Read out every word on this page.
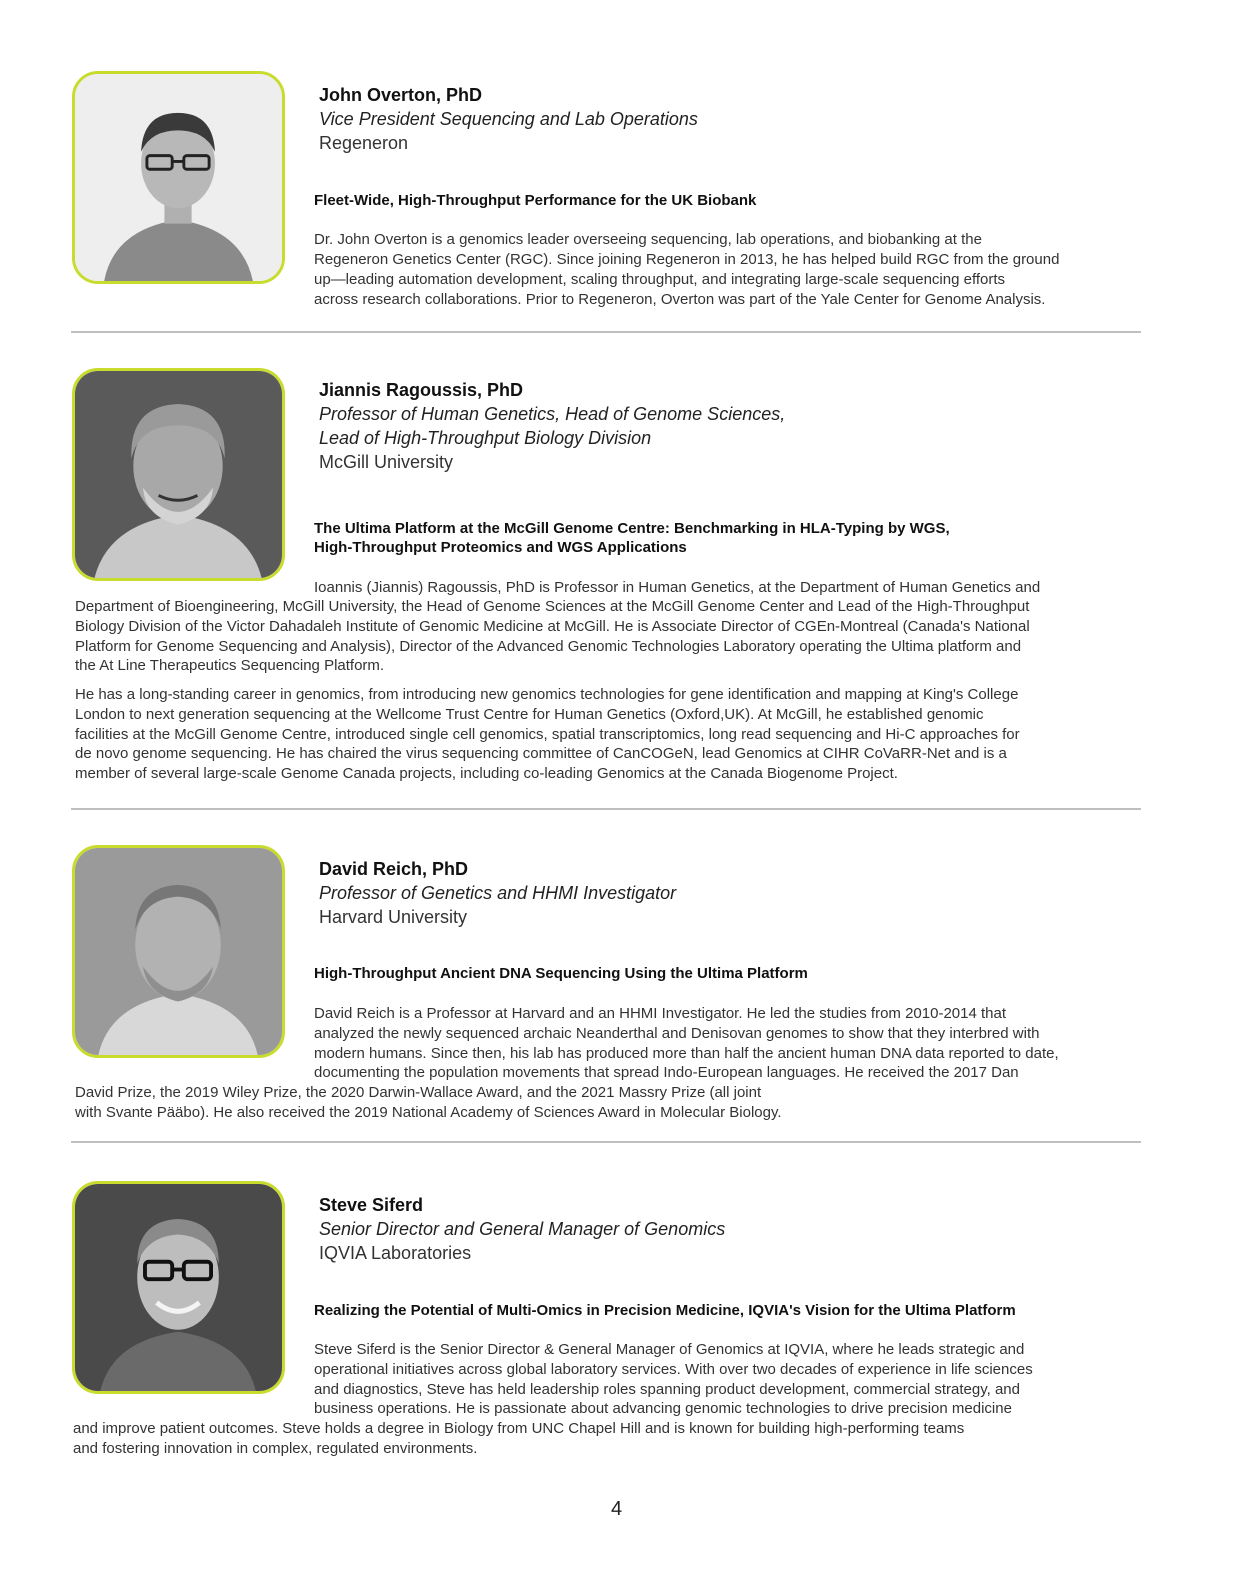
John Overton, PhD
Vice President Sequencing and Lab Operations
Regeneron
Fleet-Wide, High-Throughput Performance for the UK Biobank
Dr. John Overton is a genomics leader overseeing sequencing, lab operations, and biobanking at the
Regeneron Genetics Center (RGC). Since joining Regeneron in 2013, he has helped build RGC from the ground
up—leading automation development, scaling throughput, and integrating large-scale sequencing efforts
across research collaborations. Prior to Regeneron, Overton was part of the Yale Center for Genome Analysis.
Jiannis Ragoussis, PhD
Professor of Human Genetics, Head of Genome Sciences,
Lead of High-Throughput Biology Division
McGill University
The Ultima Platform at the McGill Genome Centre: Benchmarking in HLA-Typing by WGS,
High-Throughput Proteomics and WGS Applications
Ioannis (Jiannis) Ragoussis, PhD is Professor in Human Genetics, at the Department of Human Genetics and
Department of Bioengineering, McGill University, the Head of Genome Sciences at the McGill Genome Center and Lead of the High-Throughput
Biology Division of the Victor Dahadaleh Institute of Genomic Medicine at McGill. He is Associate Director of CGEn-Montreal (Canada's National
Platform for Genome Sequencing and Analysis), Director of the Advanced Genomic Technologies Laboratory operating the Ultima platform and
the At Line Therapeutics Sequencing Platform.
He has a long-standing career in genomics, from introducing new genomics technologies for gene identification and mapping at King's College
London to next generation sequencing at the Wellcome Trust Centre for Human Genetics (Oxford,UK). At McGill, he established genomic
facilities at the McGill Genome Centre, introduced single cell genomics, spatial transcriptomics, long read sequencing and Hi-C approaches for
de novo genome sequencing. He has chaired the virus sequencing committee of CanCOGeN, lead Genomics at CIHR CoVaRR-Net and is a
member of several large-scale Genome Canada projects, including co-leading Genomics at the Canada Biogenome Project.
David Reich, PhD
Professor of Genetics and HHMI Investigator
Harvard University
High-Throughput Ancient DNA Sequencing Using the Ultima Platform
David Reich is a Professor at Harvard and an HHMI Investigator. He led the studies from 2010-2014 that
analyzed the newly sequenced archaic Neanderthal and Denisovan genomes to show that they interbred with
modern humans. Since then, his lab has produced more than half the ancient human DNA data reported to date,
documenting the population movements that spread Indo-European languages. He received the 2017 Dan
David Prize, the 2019 Wiley Prize, the 2020 Darwin-Wallace Award, and the 2021 Massry Prize (all joint
with Svante Pääbo). He also received the 2019 National Academy of Sciences Award in Molecular Biology.
Steve Siferd
Senior Director and General Manager of Genomics
IQVIA Laboratories
Realizing the Potential of Multi-Omics in Precision Medicine, IQVIA's Vision for the Ultima Platform
Steve Siferd is the Senior Director & General Manager of Genomics at IQVIA, where he leads strategic and
operational initiatives across global laboratory services. With over two decades of experience in life sciences
and diagnostics, Steve has held leadership roles spanning product development, commercial strategy, and
business operations. He is passionate about advancing genomic technologies to drive precision medicine
and improve patient outcomes. Steve holds a degree in Biology from UNC Chapel Hill and is known for building high-performing teams
and fostering innovation in complex, regulated environments.
4
